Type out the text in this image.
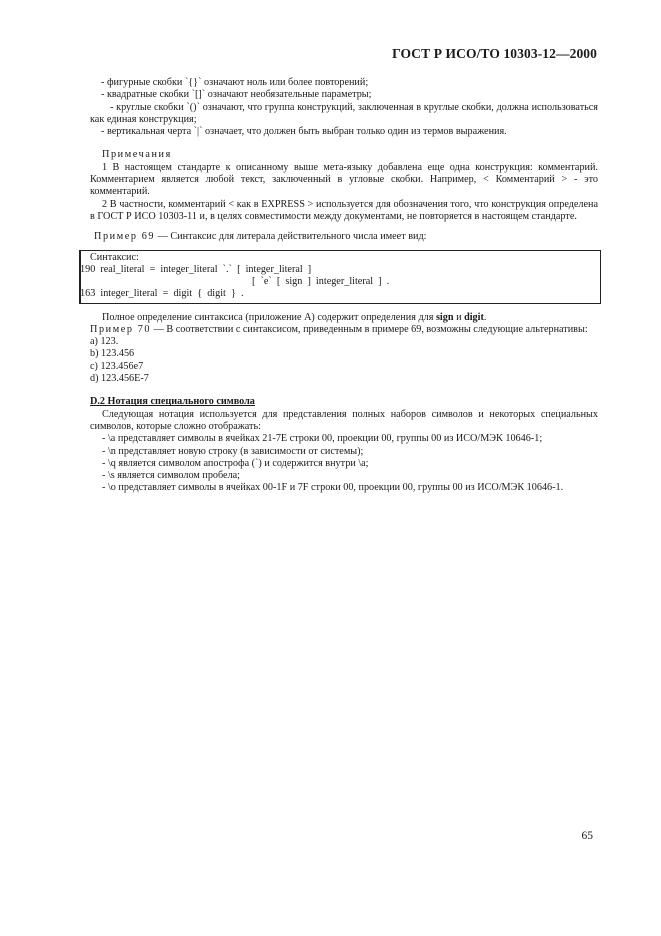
ГОСТ Р ИСО/ТО 10303-12—2000

- фигурные скобки `{}` означают ноль или более повторений;

- квадратные скобки `[]` означают необязательные параметры;

- круглые скобки `()` означают, что группа конструкций, заключенная в круглые скобки, должна использоваться как единая конструкция;

- вертикальная черта `|` означает, что должен быть выбран только один из термов выражения.

Примечания

1 В настоящем стандарте к описанному выше мета-языку добавлена еще одна конструкция: комментарий. Комментарием является любой текст, заключенный в угловые скобки. Например, < Комментарий > - это комментарий.

2 В частности, комментарий < как в EXPRESS > используется для обозначения того, что конструкция определена в ГОСТ Р ИСО 10303-11 и, в целях совместимости между документами, не повторяется в настоящем стандарте.

Пример 69 — Синтаксис для литерала действительного числа имеет вид:

Синтаксис:
190  real_literal  =  integer_literal  `.`  [  integer_literal  ]
[  `e`  [  sign  ]  integer_literal  ]  .
163  integer_literal  =  digit  {  digit  }  .

Полное определение синтаксиса (приложение А) содержит определения для sign и digit.

Пример 70 — В соответствии с синтаксисом, приведенным в примере 69, возможны следующие альтернативы:

а) 123.

b) 123.456

c) 123.456e7

d) 123.456E-7

D.2 Нотация специального символа

Следующая нотация используется для представления полных наборов символов и некоторых специальных символов, которые сложно отображать:

- \a представляет символы в ячейках 21-7E строки 00, проекции 00, группы 00 из ИСО/МЭК 10646-1;

- \n представляет новую строку (в зависимости от системы);

- \q является символом апострофа (`) и содержится внутри \a;

- \s является символом пробела;

- \o представляет символы в ячейках 00-1F и 7F строки 00, проекции 00, группы 00 из ИСО/МЭК 10646-1.

65
